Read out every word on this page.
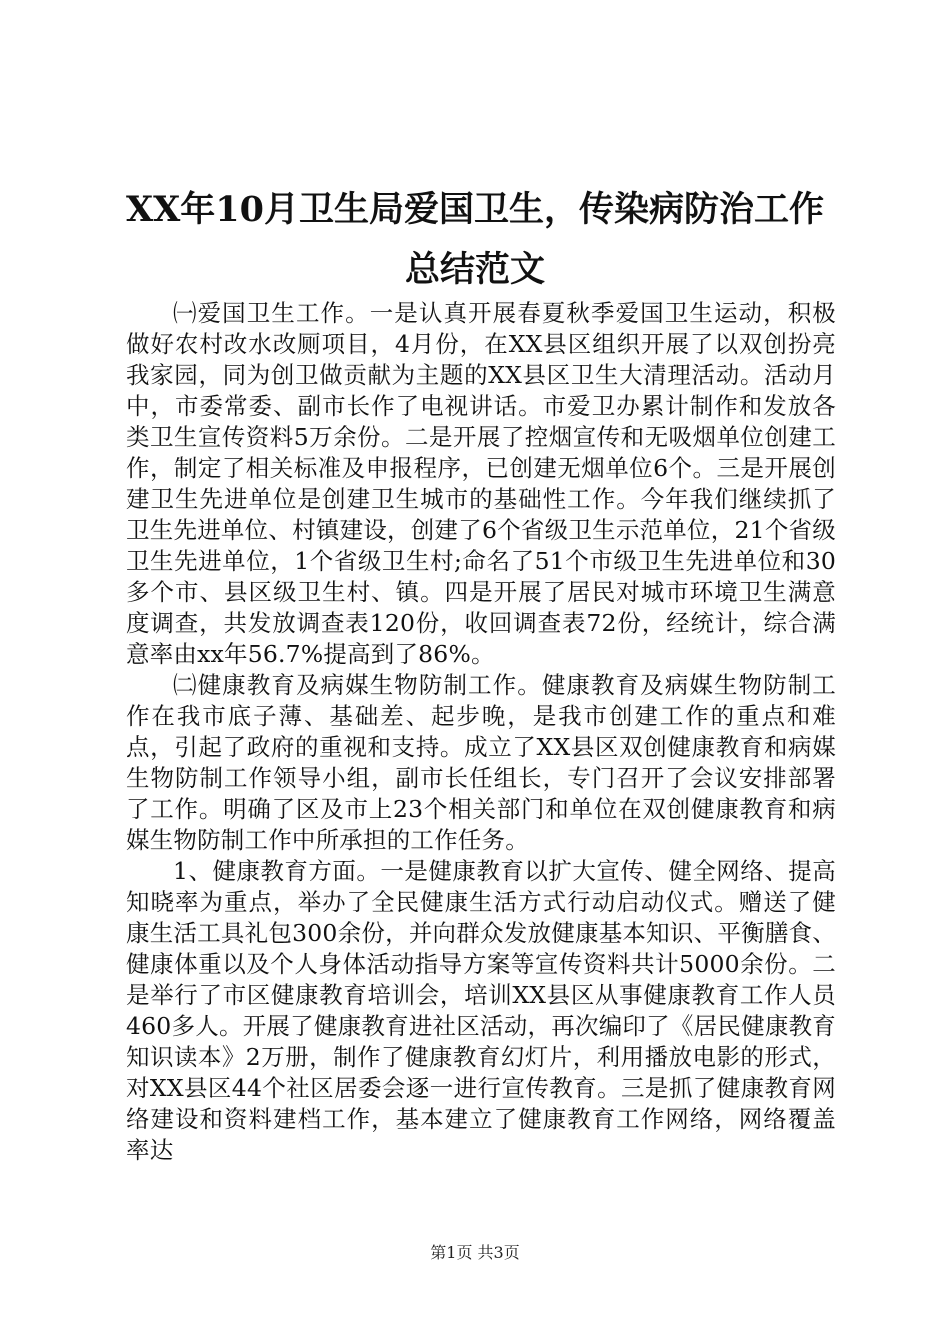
XX年10月卫生局爱国卫生，传染病防治工作
总结范文

㈠爱国卫生工作。一是认真开展春夏秋季爱国卫生运动，积极做好农村改水改厕项目，4月份，在XX县区组织开展了以双创扮亮我家园，同为创卫做贡献为主题的XX县区卫生大清理活动。活动月中，市委常委、副市长作了电视讲话。市爱卫办累计制作和发放各类卫生宣传资料5万余份。二是开展了控烟宣传和无吸烟单位创建工作，制定了相关标准及申报程序，已创建无烟单位6个。三是开展创建卫生先进单位是创建卫生城市的基础性工作。今年我们继续抓了卫生先进单位、村镇建设，创建了6个省级卫生示范单位，21个省级卫生先进单位，1个省级卫生村;命名了51个市级卫生先进单位和30多个市、县区级卫生村、镇。四是开展了居民对城市环境卫生满意度调查，共发放调查表120份，收回调查表72份，经统计，综合满意率由xx年56.7%提高到了86%。

㈡健康教育及病媒生物防制工作。健康教育及病媒生物防制工作在我市底子薄、基础差、起步晚，是我市创建工作的重点和难点，引起了政府的重视和支持。成立了XX县区双创健康教育和病媒生物防制工作领导小组，副市长任组长，专门召开了会议安排部署了工作。明确了区及市上23个相关部门和单位在双创健康教育和病媒生物防制工作中所承担的工作任务。

1、健康教育方面。一是健康教育以扩大宣传、健全网络、提高知晓率为重点，举办了全民健康生活方式行动启动仪式。赠送了健康生活工具礼包300余份，并向群众发放健康基本知识、平衡膳食、健康体重以及个人身体活动指导方案等宣传资料共计5000余份。二是举行了市区健康教育培训会，培训XX县区从事健康教育工作人员460多人。开展了健康教育进社区活动，再次编印了《居民健康教育知识读本》2万册，制作了健康教育幻灯片，利用播放电影的形式，对XX县区44个社区居委会逐一进行宣传教育。三是抓了健康教育网络建设和资料建档工作，基本建立了健康教育工作网络，网络覆盖率达

第1页 共3页
